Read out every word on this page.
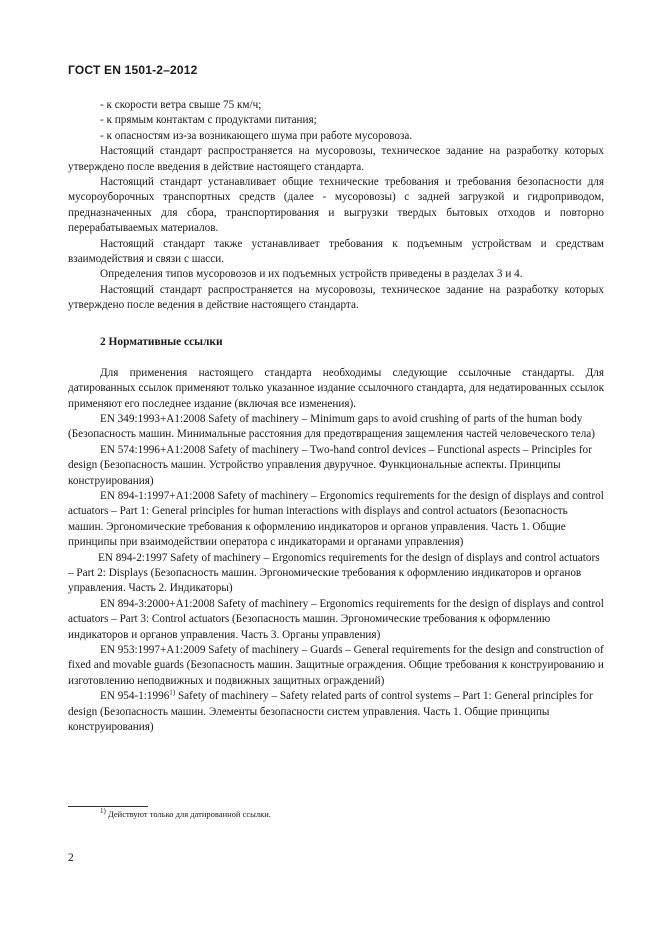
ГОСТ EN 1501-2–2012

- к скорости ветра свыше 75 км/ч;

- к прямым контактам с продуктами питания;

- к опасностям из-за возникающего шума при работе мусоровоза.

Настоящий стандарт распространяется на мусоровозы, техническое задание на разработку которых утверждено после введения в действие настоящего стандарта.

Настоящий стандарт устанавливает общие технические требования и требования безопасности для мусороуборочных транспортных средств (далее - мусоровозы) с задней загрузкой и гидроприводом, предназначенных для сбора, транспортирования и выгрузки твердых бытовых отходов и повторно перерабатываемых материалов.

Настоящий стандарт также устанавливает требования к подъемным устройствам и средствам взаимодействия и связи с шасси.

Определения типов мусоровозов и их подъемных устройств приведены в разделах 3 и 4.

Настоящий стандарт распространяется на мусоровозы, техническое задание на разработку которых утверждено после ведения в действие настоящего стандарта.

2 Нормативные ссылки

Для применения настоящего стандарта необходимы следующие ссылочные стандарты. Для датированных ссылок применяют только указанное издание ссылочного стандарта, для недатированных ссылок применяют его последнее издание (включая все изменения).

EN 349:1993+A1:2008 Safety of machinery – Minimum gaps to avoid crushing of parts of the human body (Безопасность машин. Минимальные расстояния для предотвращения защемления частей человеческого тела)

EN 574:1996+A1:2008 Safety of machinery – Two-hand control devices – Functional aspects – Principles for design (Безопасность машин. Устройство управления двуручное. Функциональные аспекты. Принципы конструирования)

EN 894-1:1997+A1:2008 Safety of machinery – Ergonomics requirements for the design of displays and control actuators – Part 1: General principles for human interactions with displays and control actuators (Безопасность машин. Эргономические требования к оформлению индикаторов и органов управления. Часть 1. Общие принципы при взаимодействии оператора с индикаторами и органами управления)

EN 894-2:1997 Safety of machinery – Ergonomics requirements for the design of displays and control actuators – Part 2: Displays (Безопасность машин. Эргономические требования к оформлению индикаторов и органов управления. Часть 2. Индикаторы)

EN 894-3:2000+A1:2008 Safety of machinery – Ergonomics requirements for the design of displays and control actuators – Part 3: Control actuators (Безопасность машин. Эргономические требования к оформлению индикаторов и органов управления. Часть 3. Органы управления)

EN 953:1997+A1:2009 Safety of machinery – Guards – General requirements for the design and construction of fixed and movable guards (Безопасность машин. Защитные ограждения. Общие требования к конструированию и изготовлению неподвижных и подвижных защитных ограждений)

EN 954-1:1996$^{1)}$ Safety of machinery – Safety related parts of control systems – Part 1: General principles for design (Безопасность машин. Элементы безопасности систем управления. Часть 1. Общие принципы конструирования)

$^{1)}$ Действуют только для датированной ссылки.
2
